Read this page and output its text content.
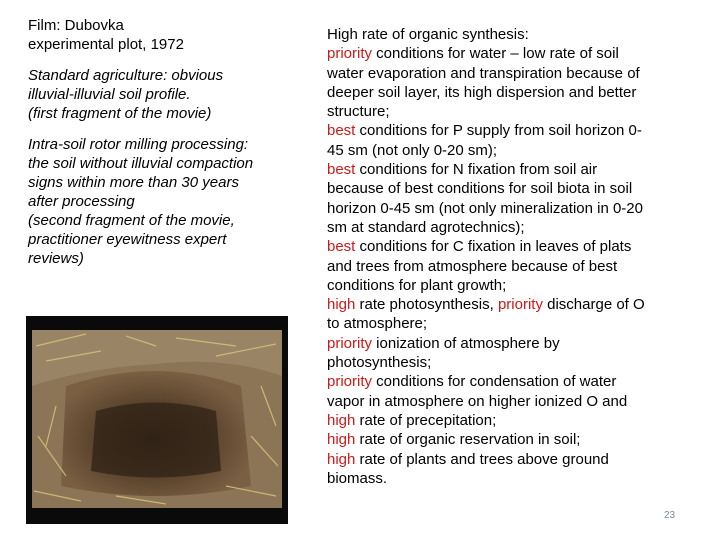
Film: Dubovka
experimental plot, 1972
Standard agriculture: obvious
illuvial-illuvial soil profile.
(first fragment of the movie)
Intra-soil rotor milling processing:
the soil without illuvial compaction
signs within more than 30 years
after processing
(second fragment of the movie,
practitioner eyewitness expert
reviews)
High rate of organic synthesis:
priority conditions for water – low rate of soil
water evaporation and transpiration because of
deeper soil layer, its high dispersion and better
structure;
best conditions for P supply from soil horizon 0-
45 sm (not only 0-20 sm);
best conditions for N fixation from soil air
because of best conditions for soil biota in soil
horizon 0-45 sm (not only mineralization in 0-20
sm at standard agrotechnics);
best conditions for C fixation in leaves of plats
and trees from atmosphere because of best
conditions for plant growth;
high rate photosynthesis, priority discharge of O
to atmosphere;
priority ionization of atmosphere by
photosynthesis;
priority conditions for condensation of water
vapor in atmosphere on higher ionized O and
high rate of precepitation;
high rate of organic reservation in soil;
high rate of plants and trees above ground
biomass.
23
